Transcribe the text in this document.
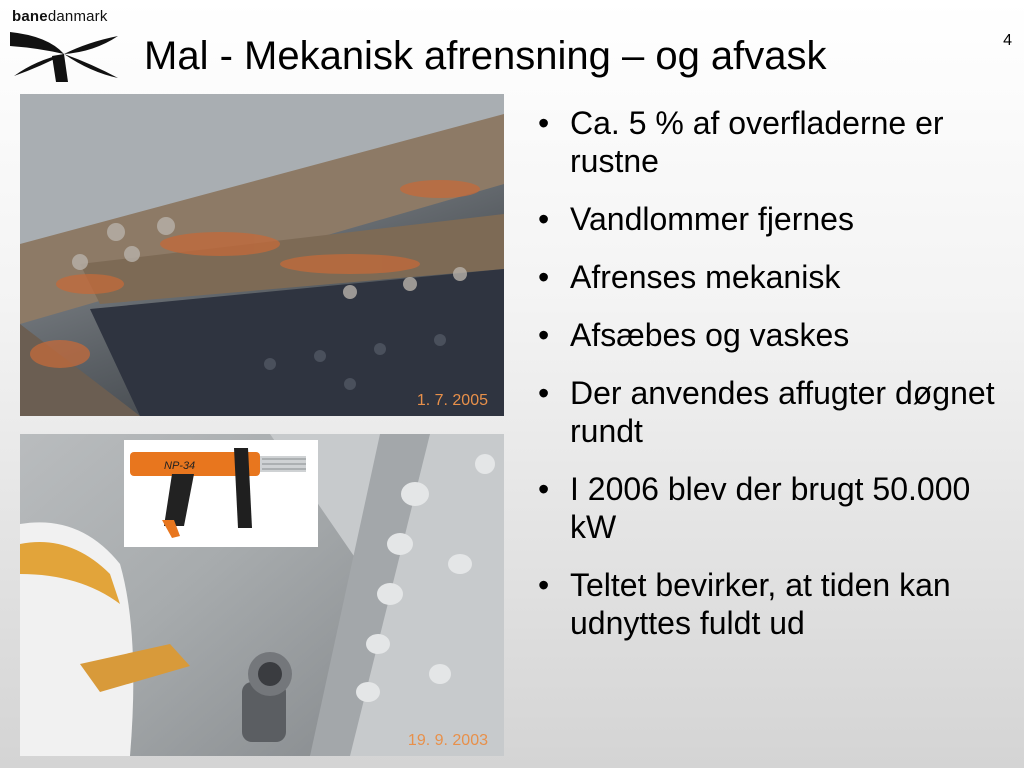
banedanmark
Mal - Mekanisk afrensning – og afvask	4
1. 7. 2005
19. 9. 2003
NP-34
• Ca. 5 % af overfladerne er rustne
• Vandlommer fjernes
• Afrenses mekanisk
• Afsæbes og vaskes
• Der anvendes affugter døgnet rundt
• I 2006 blev der brugt 50.000 kW
• Teltet bevirker, at tiden kan udnyttes fuldt ud
